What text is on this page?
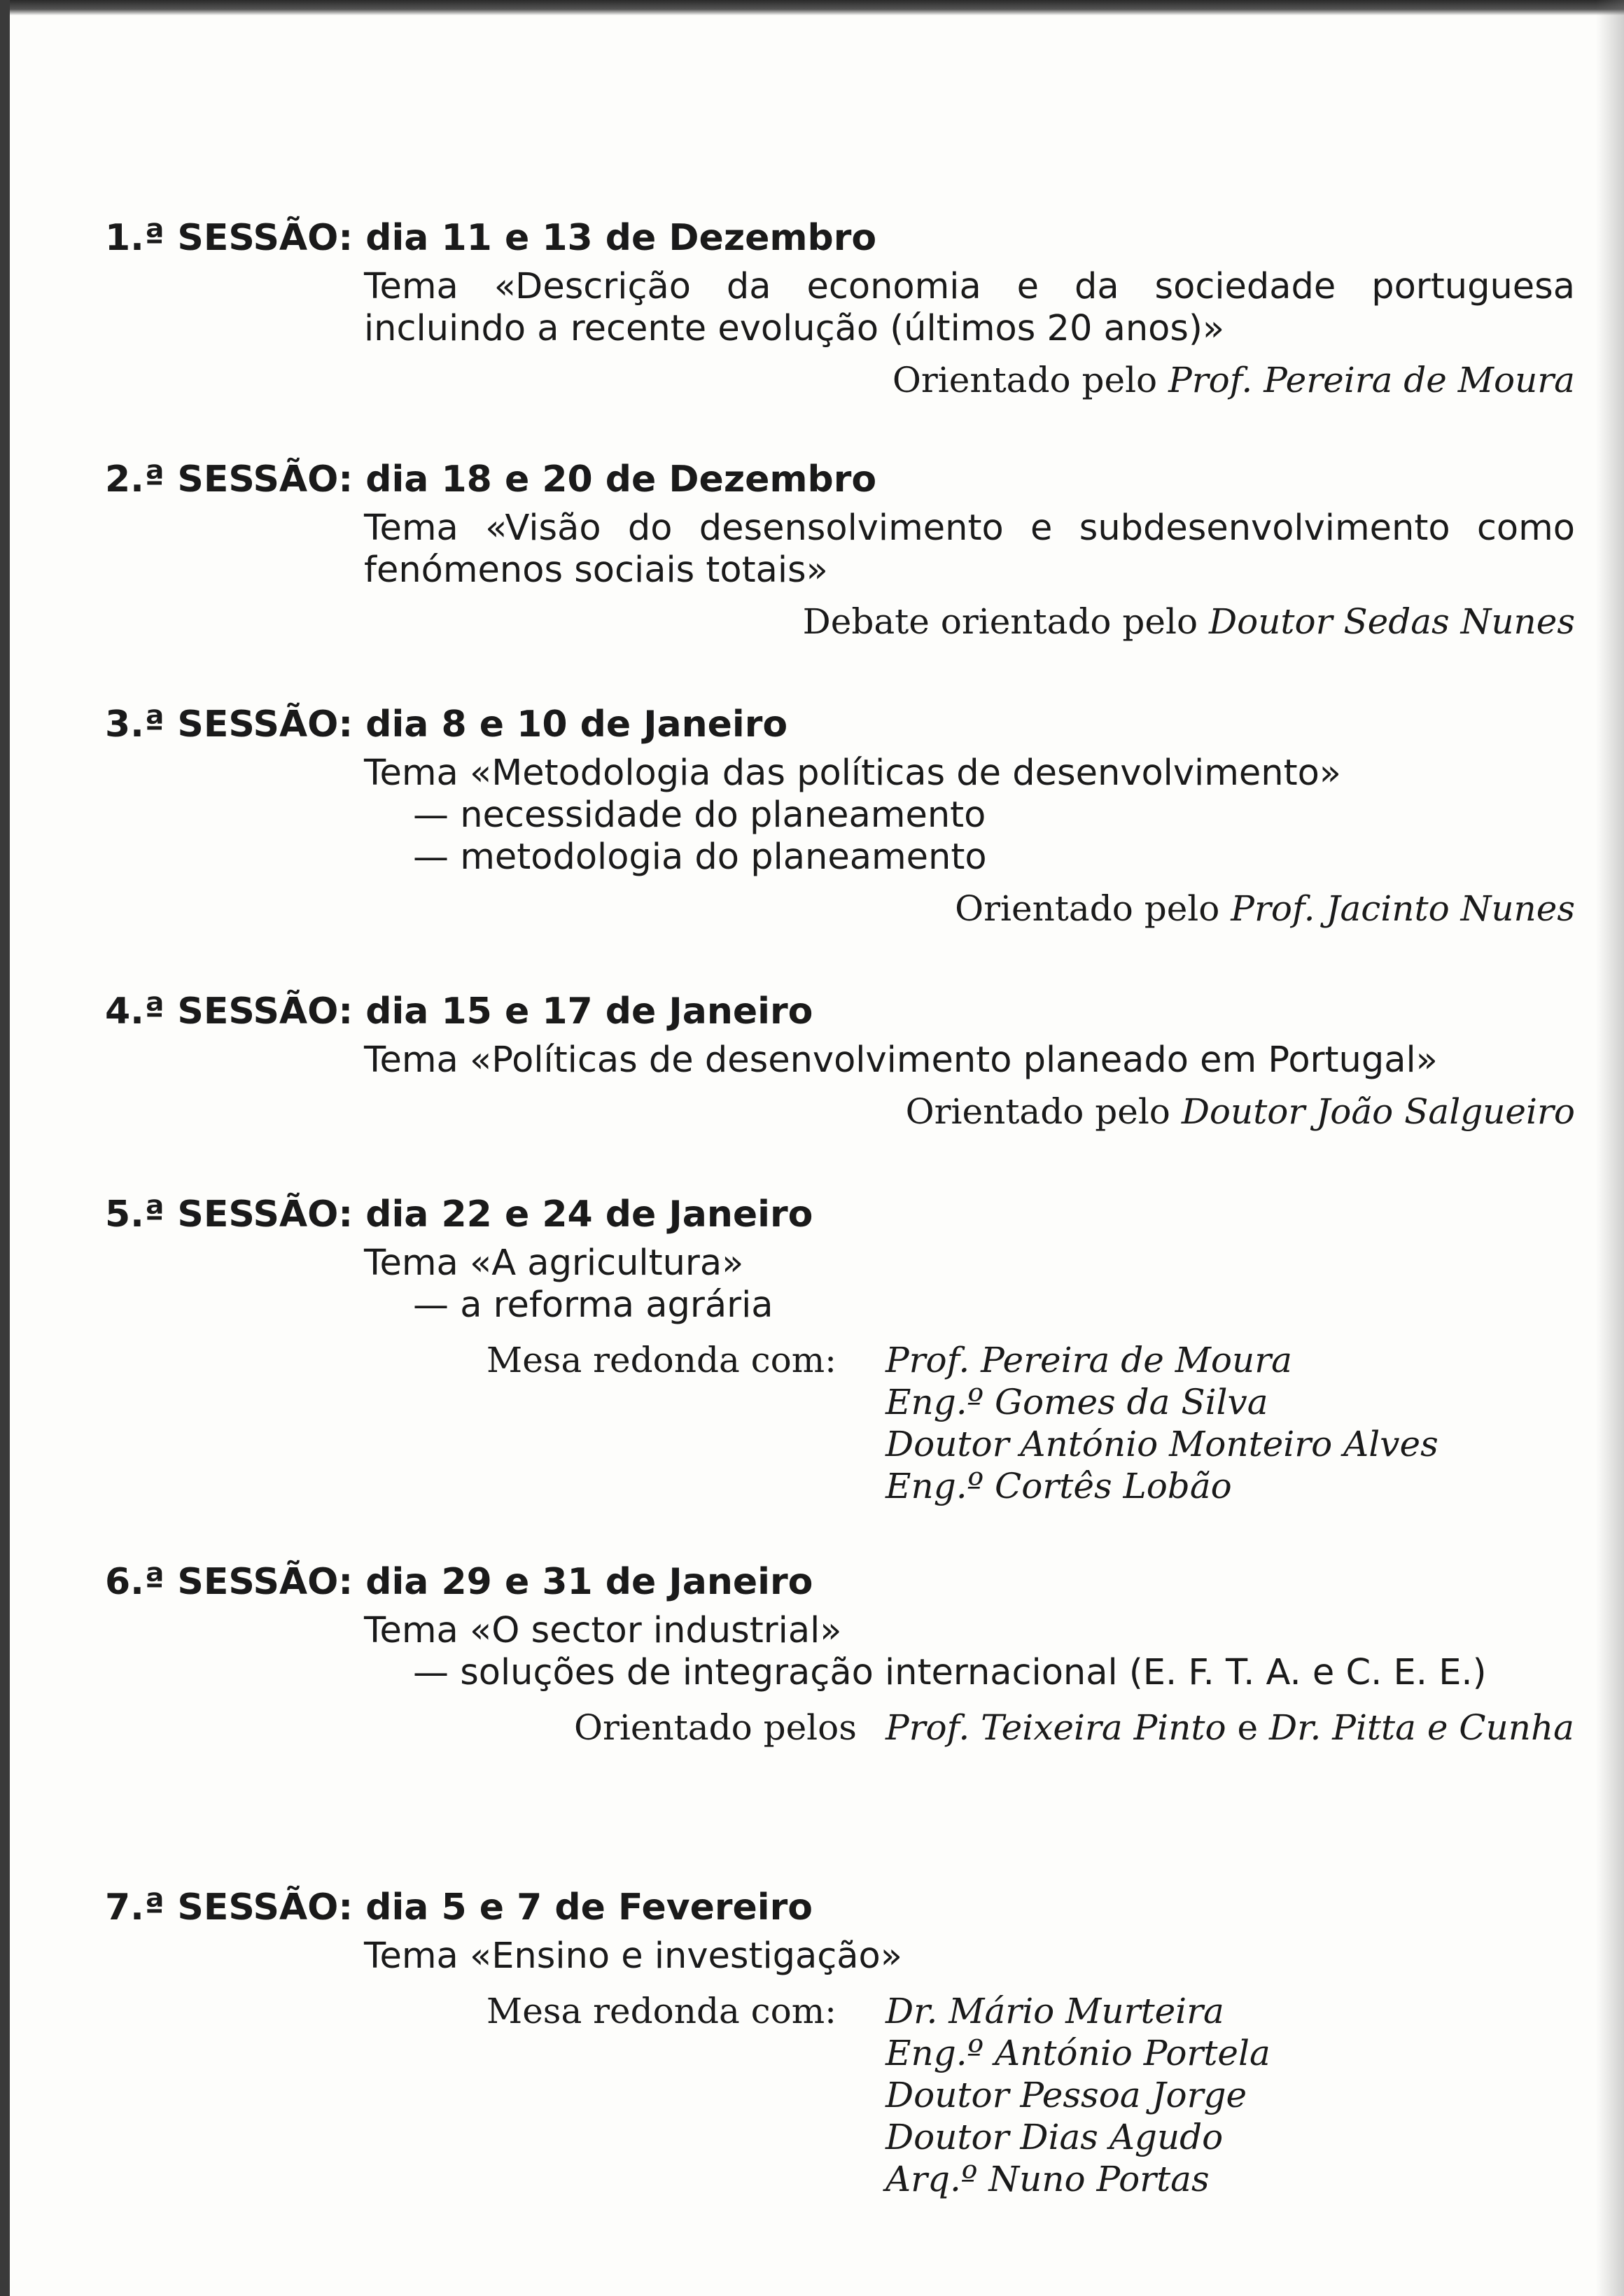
1.ª SESSÃO: dia 11 e 13 de Dezembro
Tema «Descrição da economia e da sociedade portuguesa incluindo a recente evolução (últimos 20 anos)»
Orientado pelo Prof. Pereira de Moura
2.ª SESSÃO: dia 18 e 20 de Dezembro
Tema «Visão do desensolvimento e subdesenvolvimento como fenómenos sociais totais»
Debate orientado pelo Doutor Sedas Nunes
3.ª SESSÃO: dia 8 e 10 de Janeiro
Tema «Metodologia das políticas de desenvolvimento»
— necessidade do planeamento
— metodologia do planeamento
Orientado pelo Prof. Jacinto Nunes
4.ª SESSÃO: dia 15 e 17 de Janeiro
Tema «Políticas de desenvolvimento planeado em Portugal»
Orientado pelo Doutor João Salgueiro
5.ª SESSÃO: dia 22 e 24 de Janeiro
Tema «A agricultura»
— a reforma agrária
Mesa redonda com: Prof. Pereira de Moura
Eng.º Gomes da Silva
Doutor António Monteiro Alves
Eng.º Cortês Lobão
6.ª SESSÃO: dia 29 e 31 de Janeiro
Tema «O sector industrial»
— soluções de integração internacional (E. F. T. A. e C. E. E.)
Orientado pelos Prof. Teixeira Pinto e Dr. Pitta e Cunha
7.ª SESSÃO: dia 5 e 7 de Fevereiro
Tema «Ensino e investigação»
Mesa redonda com: Dr. Mário Murteira
Eng.º António Portela
Doutor Pessoa Jorge
Doutor Dias Agudo
Arq.º Nuno Portas
